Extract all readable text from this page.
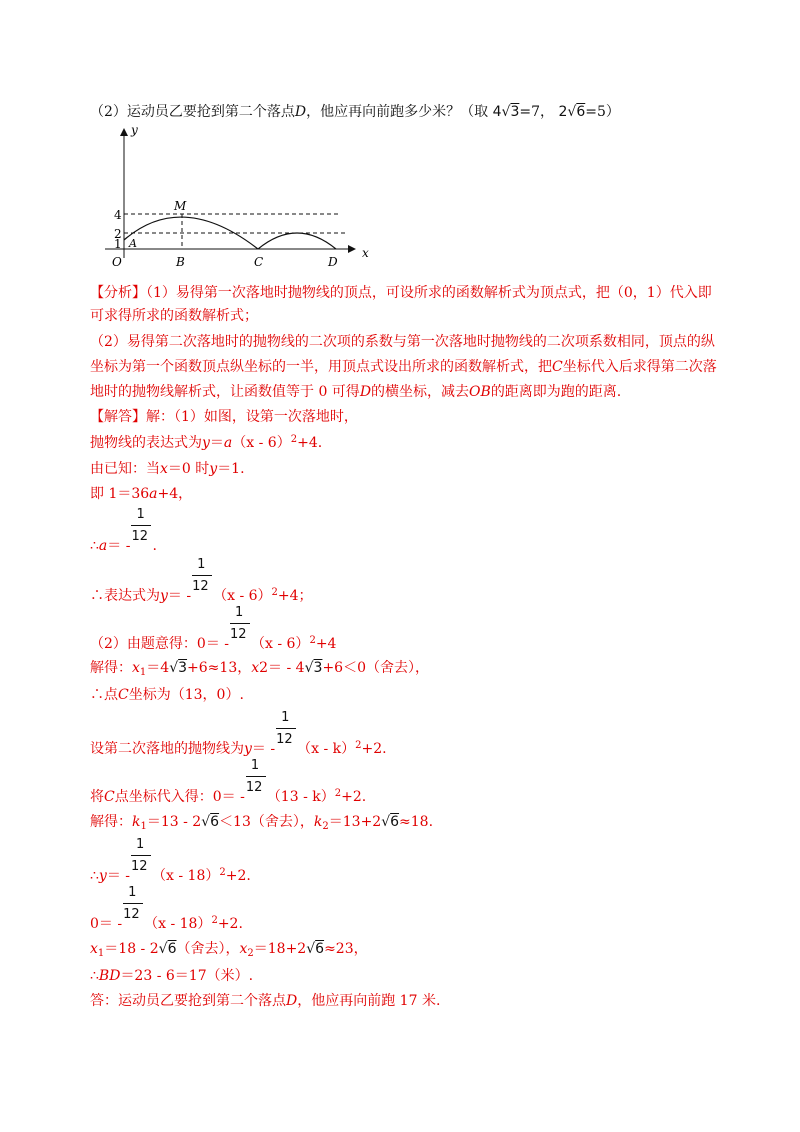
（2）运动员乙要抢到第二个落点D，他应再向前跑多少米？（取 4√3=7， 2√6=5）
y
x
O
4
2
1 A
M
B	C	D
【分析】（1）易得第一次落地时抛物线的顶点，可设所求的函数解析式为顶点式，把（0，1）代入即
可求得所求的函数解析式；
（2）易得第二次落地时的抛物线的二次项的系数与第一次落地时抛物线的二次项系数相同，顶点的纵
坐标为第一个函数顶点纵坐标的一半，用顶点式设出所求的函数解析式，把C坐标代入后求得第二次落
地时的抛物线解析式，让函数值等于 0 可得D的横坐标，减去OB的距离即为跑的距离.
【解答】解：（1）如图，设第一次落地时，
抛物线的表达式为y＝a（x - 6）$^2$+4.
由已知：当x＝0 时y＝1.
即 1＝36a+4，
∴a＝ - $\frac{1}{12}$ .
∴表达式为$y= - \frac{1}{12} (x - 6)^2+4$；
（2）由题意得：$0= - \frac{1}{12} (x - 6)^2+4$
解得：$x_1=4√3+6\approx 13$，x2＝ - 4√3+6＜0（舍去），
∴点C坐标为（13，0）.
设第二次落地的抛物线为$y= - \frac{1}{12} (x - k)^2+2$.
将C点坐标代入得：$0= - \frac{1}{12} (13 - k)^2+2$.
解得：$k_1=13 - 2√6<13$（舍去），$k_2=13+2√6\approx 18$.
∴y＝ - $\frac{1}{12} (x - 18)^2+2$.
$0= - \frac{1}{12} (x - 18)^2+2$.
$x_1=18 - 2√6$（舍去），$x_2=18+2√6\approx 23$，
∴BD＝23 - 6＝17（米）.
答：运动员乙要抢到第二个落点D，他应再向前跑 17 米.
